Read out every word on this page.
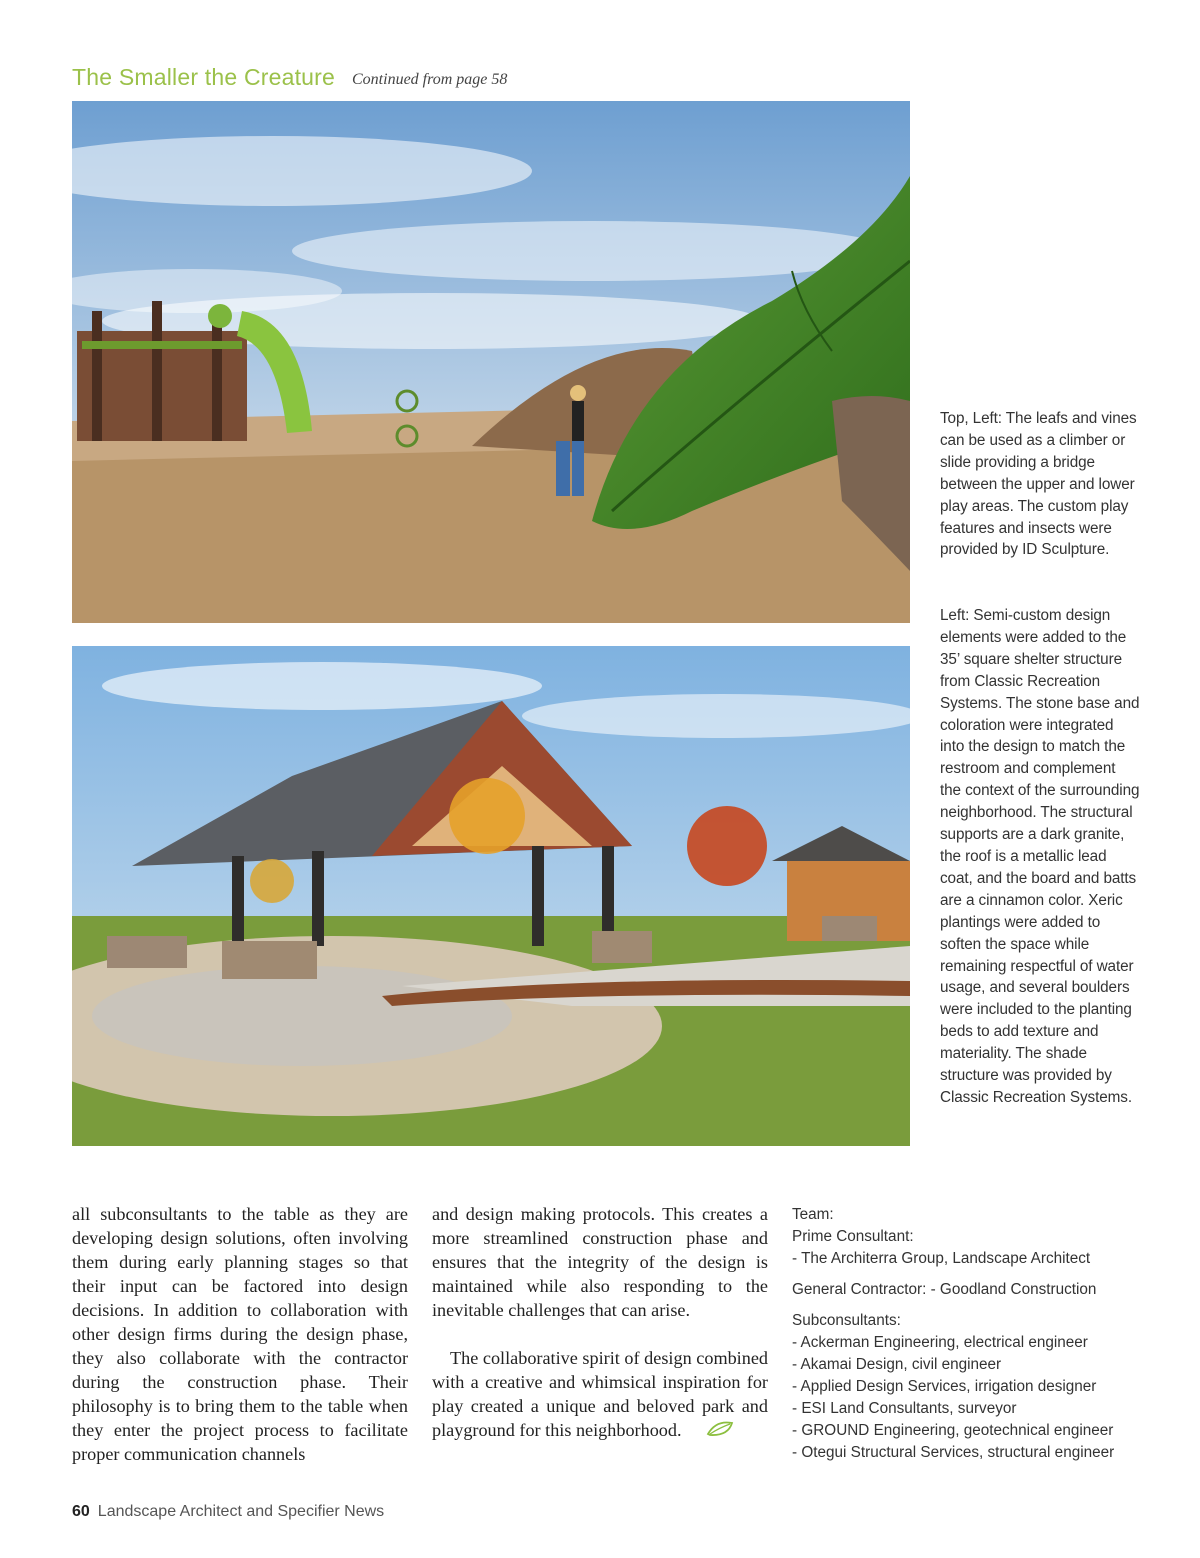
The Smaller the Creature Continued from page 58
Top, Left: The leafs and vines can be used as a climber or slide providing a bridge between the upper and lower play areas. The custom play features and insects were provided by ID Sculpture.
Left: Semi-custom design elements were added to the 35’ square shelter structure from Classic Recreation Systems. The stone base and coloration were integrated into the design to match the restroom and complement the context of the surrounding neighborhood. The structural supports are a dark granite, the roof is a metallic lead coat, and the board and batts are a cinnamon color. Xeric plantings were added to soften the space while remaining respectful of water usage, and several boulders were included to the planting beds to add texture and materiality. The shade structure was provided by Classic Recreation Systems.

all subconsultants to the table as they are developing design solutions, often involving them during early planning stages so that their input can be factored into design decisions. In addition to collaboration with other design firms during the design phase, they also collaborate with the contractor during the construction phase. Their philosophy is to bring them to the table when they enter the project process to facilitate proper communication channels

and design making protocols. This creates a more streamlined construction phase and ensures that the integrity of the design is maintained while also responding to the inevitable challenges that can arise.

The collaborative spirit of design combined with a creative and whimsical inspiration for play created a unique and beloved park and playground for this neighborhood.

Team:
Prime Consultant:
- The Architerra Group, Landscape Architect
General Contractor: - Goodland Construction
Subconsultants:
- Ackerman Engineering, electrical engineer
- Akamai Design, civil engineer
- Applied Design Services, irrigation designer
- ESI Land Consultants, surveyor
- GROUND Engineering, geotechnical engineer
- Otegui Structural Services, structural engineer
60 Landscape Architect and Specifier News
